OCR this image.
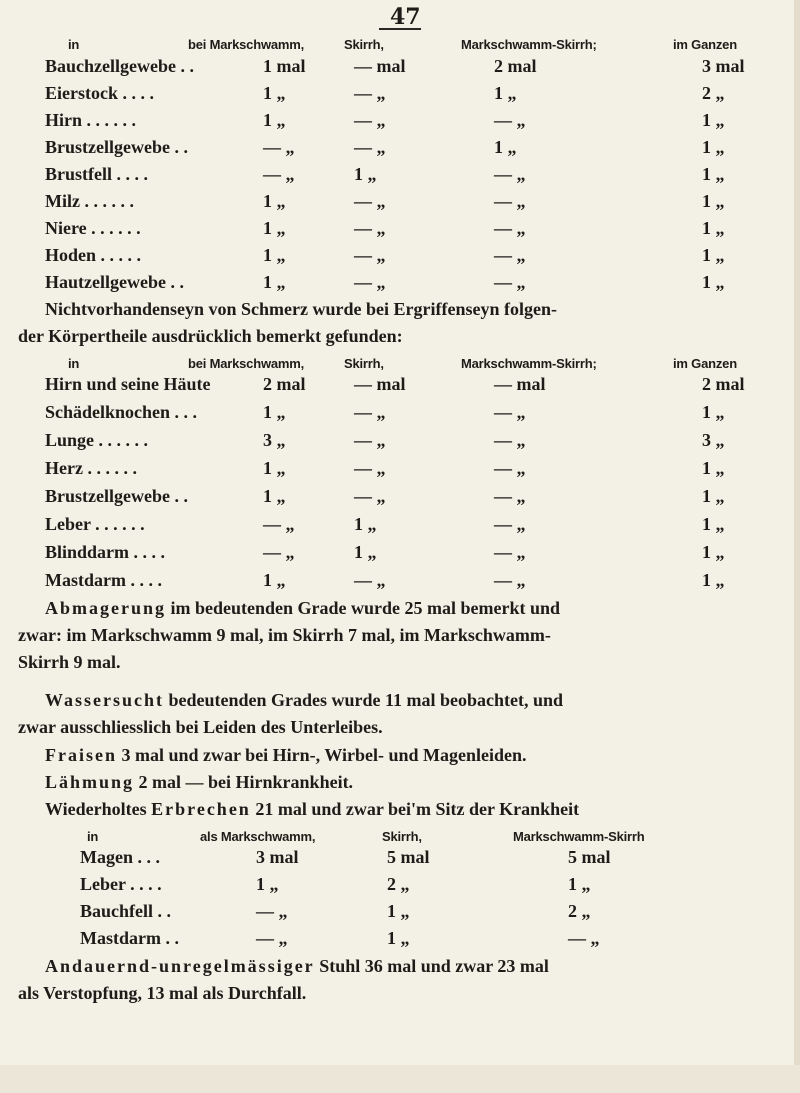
47
in	bei Markschwamm,	Skirrh,	Markschwamm-Skirrh;	im Ganzen
Bauchzellgewebe . .	1 mal	— mal	2 mal	3 mal
Eierstock . . . .	1 „	— „	1 „	2 „
Hirn . . . . . .	1 „	— „	— „	1 „
Brustzellgewebe . .	— „	— „	1 „	1 „
Brustfell . . . .	— „	1 „	— „	1 „
Milz . . . . . .	1 „	— „	— „	1 „
Niere . . . . . .	1 „	— „	— „	1 „
Hoden . . . . .	1 „	— „	— „	1 „
Hautzellgewebe . .	1 „	— „	— „	1 „
Nichtvorhandenseyn von Schmerz wurde bei Ergriffenseyn folgen-
der Körpertheile ausdrücklich bemerkt gefunden:
in	bei Markschwamm,	Skirrh,	Markschwamm-Skirrh;	im Ganzen
Hirn und seine Häute	2 mal	— mal	— mal	2 mal
Schädelknochen . . .	1 „	— „	— „	1 „
Lunge . . . . . .	3 „	— „	— „	3 „
Herz . . . . . .	1 „	— „	— „	1 „
Brustzellgewebe . .	1 „	— „	— „	1 „
Leber . . . . . .	— „	1 „	— „	1 „
Blinddarm . . . .	— „	1 „	— „	1 „
Mastdarm . . . .	1 „	— „	— „	1 „
Abmagerung im bedeutenden Grade wurde 25 mal bemerkt und
zwar: im Markschwamm 9 mal, im Skirrh 7 mal, im Markschwamm-
Skirrh 9 mal.
Wassersucht bedeutenden Grades wurde 11 mal beobachtet, und
zwar ausschliesslich bei Leiden des Unterleibes.
Fraisen 3 mal und zwar bei Hirn-, Wirbel- und Magenleiden.
Lähmung 2 mal — bei Hirnkrankheit.
Wiederholtes Erbrechen 21 mal und zwar bei'm Sitz der Krankheit
in	als Markschwamm,	Skirrh,	Markschwamm-Skirrh
Magen . . .	3 mal	5 mal	5 mal
Leber . . . .	1 „	2 „	1 „
Bauchfell . .	— „	1 „	2 „
Mastdarm . .	— „	1 „	— „
Andauernd-unregelmässiger Stuhl 36 mal und zwar 23 mal
als Verstopfung, 13 mal als Durchfall.
